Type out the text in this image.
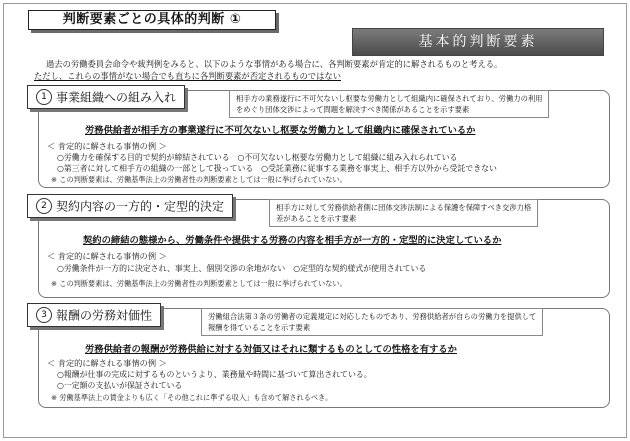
判断要素ごとの具体的判断 ①
基本的判断要素
過去の労働委員会命令や裁判例をみると、以下のような事情がある場合に、各判断要素が肯定的に解されるものと考える。
ただし、これらの事情がない場合でも直ちに各判断要素が否定されるものではない
1 事業組織への組み入れ	相手方の業務遂行に不可欠ないし枢要な労働力として組織内に確保されており、労働力の利用
をめぐり団体交渉によって問題を解決すべき関係があることを示す要素
労務供給者が相手方の事業遂行に不可欠ないし枢要な労働力として組織内に確保されているか
＜ 肯定的に解される事情の例 ＞
○労働力を確保する目的で契約が締結されている　○不可欠ないし枢要な労働力として組織に組み入れられている
○第三者に対して相手方の組織の一部として扱っている　○受託業務に従事する業務を事実上、相手方以外から受託できない
※ この判断要素は、労働基準法上の労働者性の判断要素としては一般に挙げられていない。
2 契約内容の一方的・定型的決定	相手方に対して労務供給者側に団体交渉法制による保護を保障すべき交渉力格
差があることを示す要素
契約の締結の態様から、労働条件や提供する労務の内容を相手方が一方的・定型的に決定しているか
＜ 肯定的に解される事情の例 ＞
○労働条件が一方的に決定され、事実上、個別交渉の余地がない　○定型的な契約様式が使用されている
※ この判断要素は、労働基準法上の労働者性の判断要素としては一般に挙げられていない。
3 報酬の労務対価性	労働組合法第３条の労働者の定義規定に対応したものであり、労務供給者が自らの労働力を提供して
報酬を得ていることを示す要素
労務供給者の報酬が労務供給に対する対価又はそれに類するものとしての性格を有するか
＜ 肯定的に解される事情の例 ＞
○報酬が仕事の完成に対するものというより、業務量や時間に基づいて算出されている。
○一定額の支払いが保証されている
※ 労働基準法上の賃金よりも広く「その他これに準ずる収入」も含めて解されるべき。
